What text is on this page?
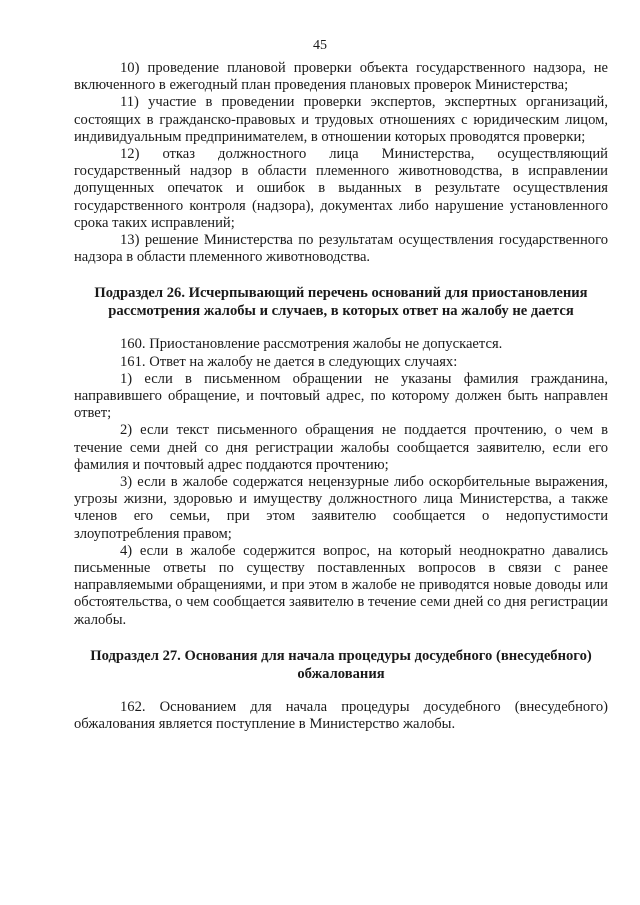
45

10) проведение плановой проверки объекта государственного надзора, не включенного в ежегодный план проведения плановых проверок Министерства;

11) участие в проведении проверки экспертов, экспертных организаций, состоящих в гражданско-правовых и трудовых отношениях с юридическим лицом, индивидуальным предпринимателем, в отношении которых проводятся проверки;

12) отказ должностного лица Министерства, осуществляющий государственный надзор в области племенного животноводства, в исправлении допущенных опечаток и ошибок в выданных в результате осуществления государственного контроля (надзора), документах либо нарушение установленного срока таких исправлений;

13) решение Министерства по результатам осуществления государственного надзора в области племенного животноводства.

Подраздел 26. Исчерпывающий перечень оснований для приостановления рассмотрения жалобы и случаев, в которых ответ на жалобу не дается

160. Приостановление рассмотрения жалобы не допускается.

161. Ответ на жалобу не дается в следующих случаях:

1) если в письменном обращении не указаны фамилия гражданина, направившего обращение, и почтовый адрес, по которому должен быть направлен ответ;

2) если текст письменного обращения не поддается прочтению, о чем в течение семи дней со дня регистрации жалобы сообщается заявителю, если его фамилия и почтовый адрес поддаются прочтению;

3) если в жалобе содержатся нецензурные либо оскорбительные выражения, угрозы жизни, здоровью и имуществу должностного лица Министерства, а также членов его семьи, при этом заявителю сообщается о недопустимости злоупотребления правом;

4) если в жалобе содержится вопрос, на который неоднократно давались письменные ответы по существу поставленных вопросов в связи с ранее направляемыми обращениями, и при этом в жалобе не приводятся новые доводы или обстоятельства, о чем сообщается заявителю в течение семи дней со дня регистрации жалобы.

Подраздел 27. Основания для начала процедуры досудебного (внесудебного) обжалования

162. Основанием для начала процедуры досудебного (внесудебного) обжалования является поступление в Министерство жалобы.
